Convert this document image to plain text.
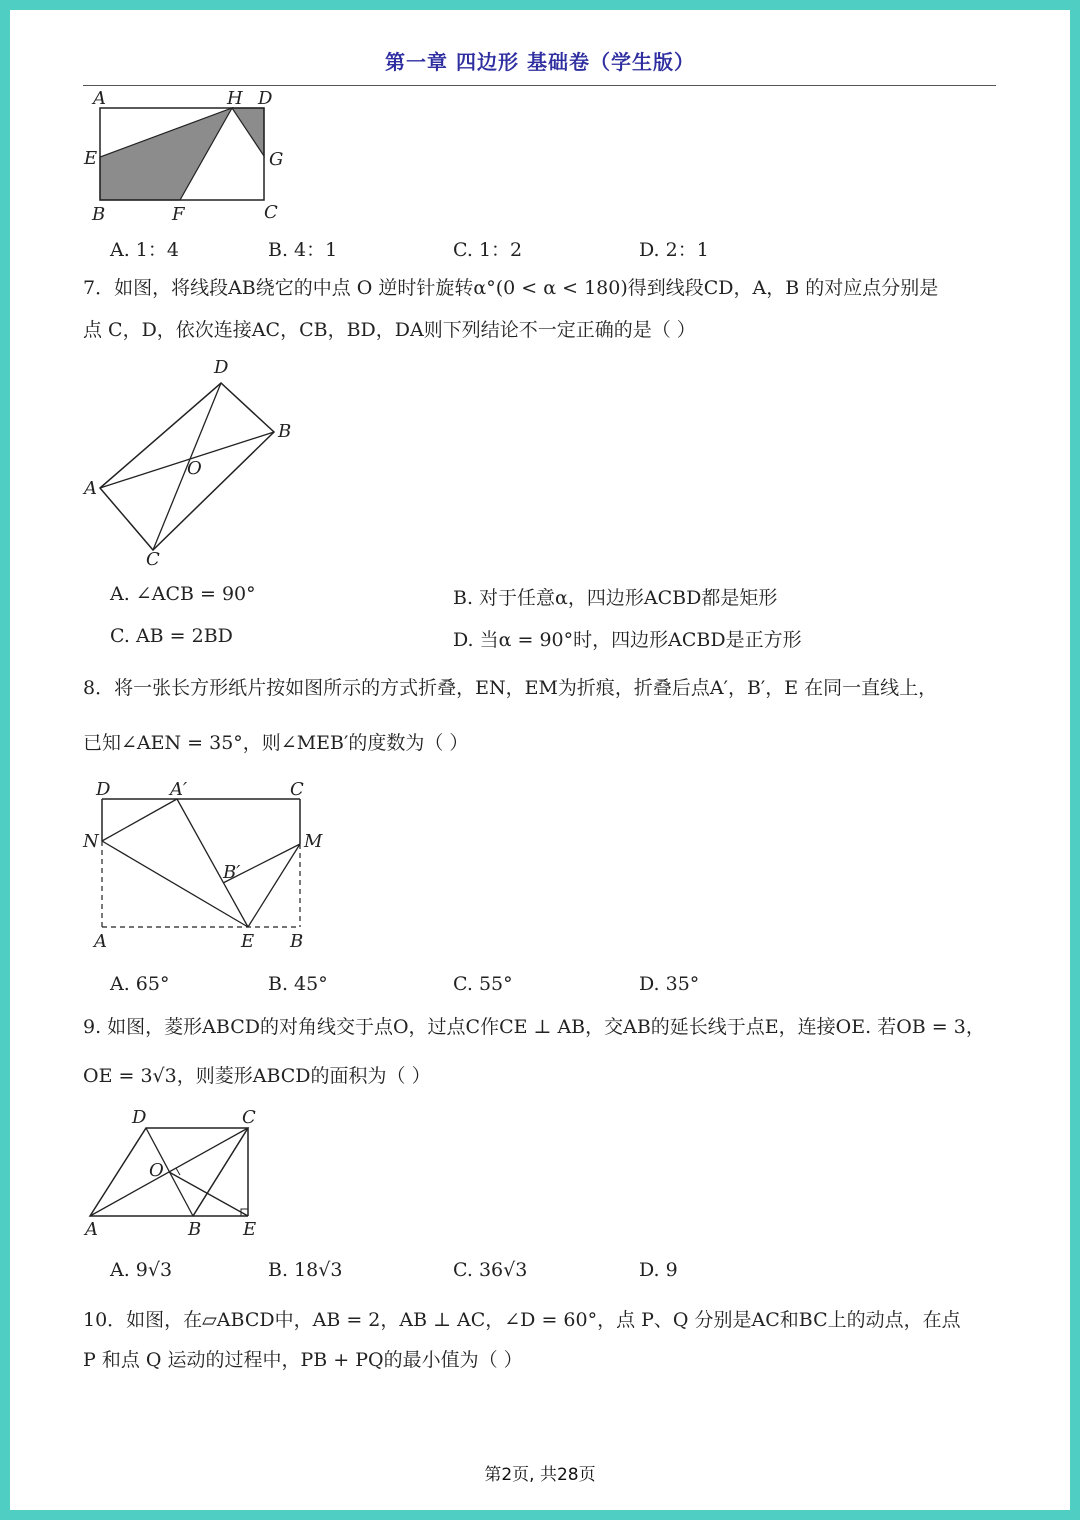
第一章 四边形 基础卷（学生版）
A	H D
E	G
B	F	C
A. 1：4	B. 4：1	C. 1：2	D. 2：1
7．如图，将线段AB绕它的中点 O 逆时针旋转α°(0 < α < 180)得到线段CD，A，B 的对应点分别是
点 C，D，依次连接AC，CB，BD，DA则下列结论不一定正确的是（ ）
D
B
O
A
C
A. ∠ACB = 90°	B. 对于任意α，四边形ACBD都是矩形
C. AB = 2BD	D. 当α = 90°时，四边形ACBD是正方形
8．将一张长方形纸片按如图所示的方式折叠，EN，EM为折痕，折叠后点A′，B′，E 在同一直线上，
已知∠AEN = 35°，则∠MEB′的度数为（ ）
D	A′	C
N	M
B′
A	E B
A. 65°	B. 45°	C. 55°	D. 35°
9. 如图，菱形ABCD的对角线交于点O，过点C作CE ⊥ AB，交AB的延长线于点E，连接OE. 若OB = 3，
OE = 3√3，则菱形ABCD的面积为（ ）
D	C
O
A	B E
A. 9√3	B. 18√3	C. 36√3	D. 9
10．如图，在▱ABCD中，AB = 2，AB ⊥ AC，∠D = 60°，点 P、Q 分别是AC和BC上的动点，在点
P 和点 Q 运动的过程中，PB + PQ的最小值为（ ）
第2页, 共28页
